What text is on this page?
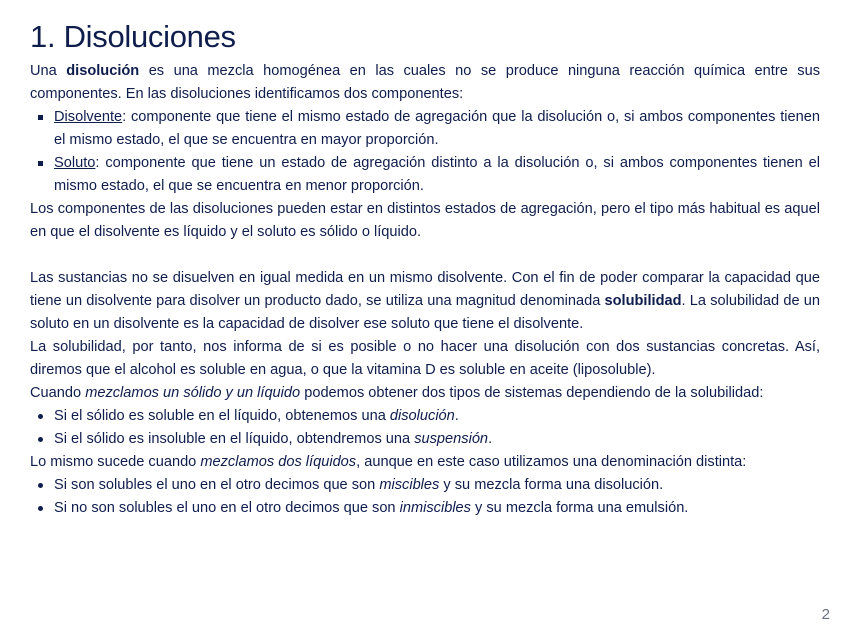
1. Disoluciones

Una disolución es una mezcla homogénea en las cuales no se produce ninguna reacción química entre sus componentes. En las disoluciones identificamos dos componentes:

Disolvente: componente que tiene el mismo estado de agregación que la disolución o, si ambos componentes tienen el mismo estado, el que se encuentra en mayor proporción.
Soluto: componente que tiene un estado de agregación distinto a la disolución o, si ambos componentes tienen el mismo estado, el que se encuentra en menor proporción.

Los componentes de las disoluciones pueden estar en distintos estados de agregación, pero el tipo más habitual es aquel en que el disolvente es líquido y el soluto es sólido o líquido.

Las sustancias no se disuelven en igual medida en un mismo disolvente. Con el fin de poder comparar la capacidad que tiene un disolvente para disolver un producto dado, se utiliza una magnitud denominada solubilidad. La solubilidad de un soluto en un disolvente es la capacidad de disolver ese soluto que tiene el disolvente.

La solubilidad, por tanto, nos informa de si es posible o no hacer una disolución con dos sustancias concretas. Así, diremos que el alcohol es soluble en agua, o que la vitamina D es soluble en aceite (liposoluble).

Cuando mezclamos un sólido y un líquido podemos obtener dos tipos de sistemas dependiendo de la solubilidad:

Si el sólido es soluble en el líquido, obtenemos una disolución.
Si el sólido es insoluble en el líquido, obtendremos una suspensión.

Lo mismo sucede cuando mezclamos dos líquidos, aunque en este caso utilizamos una denominación distinta:

Si son solubles el uno en el otro decimos que son miscibles y su mezcla forma una disolución.
Si no son solubles el uno en el otro decimos que son inmiscibles y su mezcla forma una emulsión.
2
